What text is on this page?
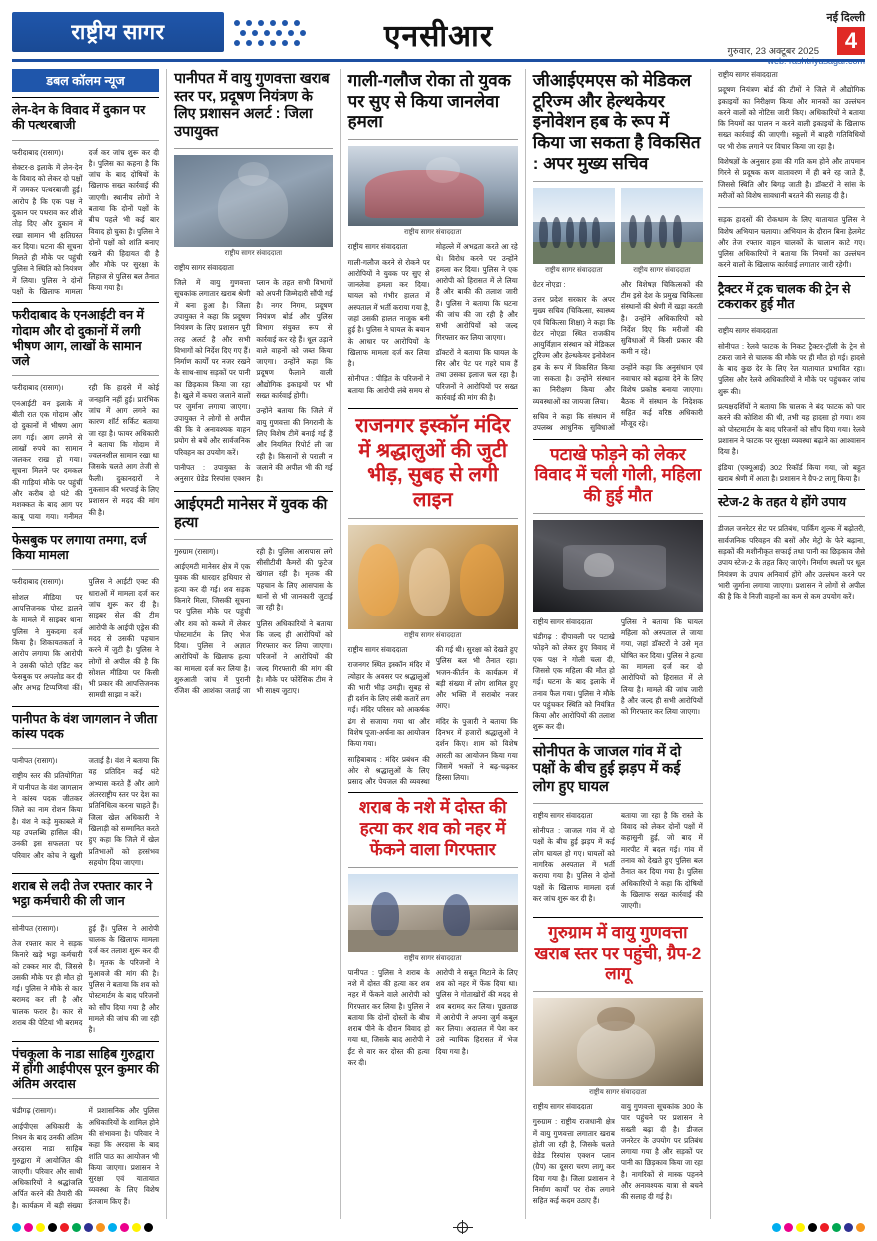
राष्ट्रीय सागर	एनसीआर
नई दिल्ली
4
गुरुवार, 23 अक्टूबर 2025
web: rashtriyasagar.com
डबल कॉलम न्यूज
लेन-देन के विवाद में दुकान पर की पत्थरबाजी

फरीदाबाद (रासाग)।

सेक्टर-8 इलाके में लेन-देन के विवाद को लेकर दो पक्षों में जमकर पत्थरबाजी हुई। आरोप है कि एक पक्ष ने दुकान पर पथराव कर शीशे तोड़ दिए और दुकान में रखा सामान भी क्षतिग्रस्त कर दिया। घटना की सूचना मिलते ही मौके पर पहुंची पुलिस ने स्थिति को नियंत्रण में लिया। पुलिस ने दोनों पक्षों के खिलाफ मामला दर्ज कर जांच शुरू कर दी है। पुलिस का कहना है कि जांच के बाद दोषियों के खिलाफ सख्त कार्रवाई की जाएगी। स्थानीय लोगों ने बताया कि दोनों पक्षों के बीच पहले भी कई बार विवाद हो चुका है। पुलिस ने दोनों पक्षों को शांति बनाए रखने की हिदायत दी है और मौके पर सुरक्षा के लिहाज से पुलिस बल तैनात किया गया है।

फरीदाबाद के एनआईटी वन में गोदाम और दो दुकानों में लगी भीषण आग, लाखों के सामान जले

फरीदाबाद (रासाग)।

एनआईटी वन इलाके में बीती रात एक गोदाम और दो दुकानों में भीषण आग लग गई। आग लगने से लाखों रुपये का सामान जलकर राख हो गया। सूचना मिलने पर दमकल की गाड़ियां मौके पर पहुंचीं और करीब दो घंटे की मशक्कत के बाद आग पर काबू पाया गया। गनीमत रही कि हादसे में कोई जनहानि नहीं हुई। प्रारंभिक जांच में आग लगने का कारण शॉर्ट सर्किट बताया जा रहा है। फायर अधिकारी ने बताया कि गोदाम में ज्वलनशील सामान रखा था जिसके चलते आग तेजी से फैली। दुकानदारों ने नुकसान की भरपाई के लिए प्रशासन से मदद की मांग की है।

फेसबुक पर लगाया तमगा, दर्ज किया मामला

फरीदाबाद (रासाग)।

सोशल मीडिया पर आपत्तिजनक पोस्ट डालने के मामले में साइबर थाना पुलिस ने मुकदमा दर्ज किया है। शिकायतकर्ता ने आरोप लगाया कि आरोपी ने उसकी फोटो एडिट कर फेसबुक पर अपलोड कर दी और अभद्र टिप्पणियां कीं। पुलिस ने आईटी एक्ट की धाराओं में मामला दर्ज कर जांच शुरू कर दी है। साइबर सेल की टीम आरोपी के आईपी एड्रेस की मदद से उसकी पहचान करने में जुटी है। पुलिस ने लोगों से अपील की है कि सोशल मीडिया पर किसी भी प्रकार की आपत्तिजनक सामग्री साझा न करें।

पानीपत के वंश जागलान ने जीता कांस्य पदक

पानीपत (रासाग)।

राष्ट्रीय स्तर की प्रतियोगिता में पानीपत के वंश जागलान ने कांस्य पदक जीतकर जिले का नाम रोशन किया है। वंश ने कड़े मुकाबले में यह उपलब्धि हासिल की। उनकी इस सफलता पर परिवार और कोच ने खुशी जताई है। वंश ने बताया कि वह प्रतिदिन कई घंटे अभ्यास करते हैं और आगे अंतरराष्ट्रीय स्तर पर देश का प्रतिनिधित्व करना चाहते हैं। जिला खेल अधिकारी ने खिलाड़ी को सम्मानित करते हुए कहा कि जिले में खेल प्रतिभाओं को हरसंभव सहयोग दिया जाएगा।

शराब से लदी तेज रफ्तार कार ने भट्ठा कर्मचारी की ली जान

सोनीपत (रासाग)।

तेज रफ्तार कार ने सड़क किनारे खड़े भट्ठा कर्मचारी को टक्कर मार दी, जिससे उसकी मौके पर ही मौत हो गई। पुलिस ने मौके से कार बरामद कर ली है और चालक फरार है। कार से शराब की पेटियां भी बरामद हुई हैं। पुलिस ने आरोपी चालक के खिलाफ मामला दर्ज कर तलाश शुरू कर दी है। मृतक के परिजनों ने मुआवजे की मांग की है। पुलिस ने बताया कि शव को पोस्टमार्टम के बाद परिजनों को सौंप दिया गया है और मामले की जांच की जा रही है।

पंचकूला के नाडा साहिब गुरुद्वारा में होंगी आईपीएस पूरन कुमार की अंतिम अरदास

चंडीगढ़ (रासाग)।

आईपीएस अधिकारी के निधन के बाद उनकी अंतिम अरदास नाडा साहिब गुरुद्वारा में आयोजित की जाएगी। परिवार और साथी अधिकारियों ने श्रद्धांजलि अर्पित करने की तैयारी की है। कार्यक्रम में बड़ी संख्या में प्रशासनिक और पुलिस अधिकारियों के शामिल होने की संभावना है। परिवार ने कहा कि अरदास के बाद शांति पाठ का आयोजन भी किया जाएगा। प्रशासन ने सुरक्षा एवं यातायात व्यवस्था के लिए विशेष इंतजाम किए हैं।

पानीपत में वायु गुणवत्ता खराब स्तर पर, प्रदूषण नियंत्रण के लिए प्रशासन अलर्ट : जिला उपायुक्त
राष्ट्रीय सागर संवाददाता

राष्ट्रीय सागर संवाददाता

जिले में वायु गुणवत्ता सूचकांक लगातार खराब श्रेणी में बना हुआ है। जिला उपायुक्त ने कहा कि प्रदूषण नियंत्रण के लिए प्रशासन पूरी तरह अलर्ट है और सभी विभागों को निर्देश दिए गए हैं। निर्माण कार्यों पर नजर रखने के साथ-साथ सड़कों पर पानी का छिड़काव किया जा रहा है। खुले में कचरा जलाने वालों पर जुर्माना लगाया जाएगा। उपायुक्त ने लोगों से अपील की कि वे अनावश्यक वाहन प्रयोग से बचें और सार्वजनिक परिवहन का उपयोग करें।

पानीपत : उपायुक्त के अनुसार ग्रेडेड रिस्पांस एक्शन प्लान के तहत सभी विभागों को अपनी जिम्मेदारी सौंपी गई है। नगर निगम, प्रदूषण नियंत्रण बोर्ड और पुलिस विभाग संयुक्त रूप से कार्रवाई कर रहे हैं। धूल उड़ाने वाले वाहनों को जब्त किया जाएगा। उन्होंने कहा कि प्रदूषण फैलाने वाली औद्योगिक इकाइयों पर भी सख्त कार्रवाई होगी।

उन्होंने बताया कि जिले में वायु गुणवत्ता की निगरानी के लिए विशेष टीमें बनाई गई हैं और नियमित रिपोर्ट ली जा रही है। किसानों से पराली न जलाने की अपील भी की गई है।

आईएमटी मानेसर में युवक की हत्या

गुरुग्राम (रासाग)।

आईएमटी मानेसर क्षेत्र में एक युवक की धारदार हथियार से हत्या कर दी गई। शव सड़क किनारे मिला, जिसकी सूचना पर पुलिस मौके पर पहुंची और शव को कब्जे में लेकर पोस्टमार्टम के लिए भेज दिया। पुलिस ने अज्ञात आरोपियों के खिलाफ हत्या का मामला दर्ज कर लिया है। शुरुआती जांच में पुरानी रंजिश की आशंका जताई जा रही है। पुलिस आसपास लगे सीसीटीवी कैमरों की फुटेज खंगाल रही है। मृतक की पहचान के लिए आसपास के थानों से भी जानकारी जुटाई जा रही है।

पुलिस अधिकारियों ने बताया कि जल्द ही आरोपियों को गिरफ्तार कर लिया जाएगा। परिजनों ने आरोपियों की जल्द गिरफ्तारी की मांग की है। मौके पर फोरेंसिक टीम ने भी साक्ष्य जुटाए।

गाली-गलौज रोका तो युवक पर सुए से किया जानलेवा हमला
राष्ट्रीय सागर संवाददाता

राष्ट्रीय सागर संवाददाता

गाली-गलौज करने से रोकने पर आरोपियों ने युवक पर सुए से जानलेवा हमला कर दिया। घायल को गंभीर हालत में अस्पताल में भर्ती कराया गया है, जहां उसकी हालत नाजुक बनी हुई है। पुलिस ने घायल के बयान के आधार पर आरोपियों के खिलाफ मामला दर्ज कर लिया है।

सोनीपत : पीड़ित के परिजनों ने बताया कि आरोपी लंबे समय से मोहल्ले में अभद्रता करते आ रहे थे। विरोध करने पर उन्होंने हमला कर दिया। पुलिस ने एक आरोपी को हिरासत में ले लिया है और बाकी की तलाश जारी है। पुलिस ने बताया कि घटना की जांच की जा रही है और सभी आरोपियों को जल्द गिरफ्तार कर लिया जाएगा।

डॉक्टरों ने बताया कि घायल के सिर और पेट पर गहरे घाव हैं तथा उसका इलाज चल रहा है। परिजनों ने आरोपियों पर सख्त कार्रवाई की मांग की है।

राजनगर इस्कॉन मंदिर में श्रद्धालुओं की जुटी भीड़, सुबह से लगी लाइन
राष्ट्रीय सागर संवाददाता

राष्ट्रीय सागर संवाददाता

राजनगर स्थित इस्कॉन मंदिर में त्योहार के अवसर पर श्रद्धालुओं की भारी भीड़ उमड़ी। सुबह से ही दर्शन के लिए लंबी कतारें लग गईं। मंदिर परिसर को आकर्षक ढंग से सजाया गया था और विशेष पूजा-अर्चना का आयोजन किया गया।

साहिबाबाद : मंदिर प्रबंधन की ओर से श्रद्धालुओं के लिए प्रसाद और पेयजल की व्यवस्था की गई थी। सुरक्षा को देखते हुए पुलिस बल भी तैनात रहा। भजन-कीर्तन के कार्यक्रम में बड़ी संख्या में लोग शामिल हुए और भक्ति में सराबोर नजर आए।

मंदिर के पुजारी ने बताया कि दिनभर में हजारों श्रद्धालुओं ने दर्शन किए। शाम को विशेष आरती का आयोजन किया गया जिसमें भक्तों ने बढ़-चढ़कर हिस्सा लिया।

शराब के नशे में दोस्त की हत्या कर शव को नहर में फेंकने वाला गिरफ्तार
राष्ट्रीय सागर संवाददाता

पानीपत : पुलिस ने शराब के नशे में दोस्त की हत्या कर शव नहर में फेंकने वाले आरोपी को गिरफ्तार कर लिया है। पुलिस ने बताया कि दोनों दोस्तों के बीच शराब पीने के दौरान विवाद हो गया था, जिसके बाद आरोपी ने ईंट से वार कर दोस्त की हत्या कर दी।

आरोपी ने सबूत मिटाने के लिए शव को नहर में फेंक दिया था। पुलिस ने गोताखोरों की मदद से शव बरामद कर लिया। पूछताछ में आरोपी ने अपना जुर्म कबूल कर लिया। अदालत में पेश कर उसे न्यायिक हिरासत में भेज दिया गया है।

जीआईएमएस को मेडिकल टूरिज्म और हेल्थकेयर इनोवेशन हब के रूप में किया जा सकता है विकसित : अपर मुख्य सचिव
राष्ट्रीय सागर संवाददाता	राष्ट्रीय सागर संवाददाता

ग्रेटर नोएडा :

उत्तर प्रदेश सरकार के अपर मुख्य सचिव (चिकित्सा, स्वास्थ्य एवं चिकित्सा शिक्षा) ने कहा कि ग्रेटर नोएडा स्थित राजकीय आयुर्विज्ञान संस्थान को मेडिकल टूरिज्म और हेल्थकेयर इनोवेशन हब के रूप में विकसित किया जा सकता है। उन्होंने संस्थान का निरीक्षण किया और व्यवस्थाओं का जायजा लिया।

सचिव ने कहा कि संस्थान में उपलब्ध आधुनिक सुविधाओं और विशेषज्ञ चिकित्सकों की टीम इसे देश के प्रमुख चिकित्सा संस्थानों की श्रेणी में खड़ा करती है। उन्होंने अधिकारियों को निर्देश दिए कि मरीजों की सुविधाओं में किसी प्रकार की कमी न रहे।

उन्होंने कहा कि अनुसंधान एवं नवाचार को बढ़ावा देने के लिए विशेष प्रकोष्ठ बनाया जाएगा। बैठक में संस्थान के निदेशक सहित कई वरिष्ठ अधिकारी मौजूद रहे।

पटाखे फोड़ने को लेकर विवाद में चली गोली, महिला की हुई मौत

राष्ट्रीय सागर संवाददाता

चंडीगढ़ : दीपावली पर पटाखे फोड़ने को लेकर हुए विवाद में एक पक्ष ने गोली चला दी, जिससे एक महिला की मौत हो गई। घटना के बाद इलाके में तनाव फैल गया। पुलिस ने मौके पर पहुंचकर स्थिति को नियंत्रित किया और आरोपियों की तलाश शुरू कर दी।

पुलिस ने बताया कि घायल महिला को अस्पताल ले जाया गया, जहां डॉक्टरों ने उसे मृत घोषित कर दिया। पुलिस ने हत्या का मामला दर्ज कर दो आरोपियों को हिरासत में ले लिया है। मामले की जांच जारी है और जल्द ही सभी आरोपियों को गिरफ्तार कर लिया जाएगा।

सोनीपत के जाजल गांव में दो पक्षों के बीच हुई झड़प में कई लोग हुए घायल

राष्ट्रीय सागर संवाददाता

सोनीपत : जाजल गांव में दो पक्षों के बीच हुई झड़प में कई लोग घायल हो गए। घायलों को नागरिक अस्पताल में भर्ती कराया गया है। पुलिस ने दोनों पक्षों के खिलाफ मामला दर्ज कर जांच शुरू कर दी है।

बताया जा रहा है कि रास्ते के विवाद को लेकर दोनों पक्षों में कहासुनी हुई, जो बाद में मारपीट में बदल गई। गांव में तनाव को देखते हुए पुलिस बल तैनात कर दिया गया है। पुलिस अधिकारियों ने कहा कि दोषियों के खिलाफ सख्त कार्रवाई की जाएगी।

गुरुग्राम में वायु गुणवत्ता खराब स्तर पर पहुंची, ग्रैप-2 लागू
राष्ट्रीय सागर संवाददाता

राष्ट्रीय सागर संवाददाता

गुरुग्राम : राष्ट्रीय राजधानी क्षेत्र में वायु गुणवत्ता लगातार खराब होती जा रही है, जिसके चलते ग्रेडेड रिस्पांस एक्शन प्लान (ग्रैप) का दूसरा चरण लागू कर दिया गया है। जिला प्रशासन ने निर्माण कार्यों पर रोक लगाने सहित कई कदम उठाए हैं।

वायु गुणवत्ता सूचकांक 300 के पार पहुंचने पर प्रशासन ने सख्ती बढ़ा दी है। डीजल जनरेटर के उपयोग पर प्रतिबंध लगाया गया है और सड़कों पर पानी का छिड़काव किया जा रहा है। नागरिकों से मास्क पहनने और अनावश्यक यात्रा से बचने की सलाह दी गई है।

राष्ट्रीय सागर संवाददाता

प्रदूषण नियंत्रण बोर्ड की टीमों ने जिले में औद्योगिक इकाइयों का निरीक्षण किया और मानकों का उल्लंघन करने वालों को नोटिस जारी किए। अधिकारियों ने बताया कि नियमों का पालन न करने वाली इकाइयों के खिलाफ सख्त कार्रवाई की जाएगी। स्कूलों में बाहरी गतिविधियों पर भी रोक लगाने पर विचार किया जा रहा है।

विशेषज्ञों के अनुसार हवा की गति कम होने और तापमान गिरने से प्रदूषक कण वातावरण में ही बने रह जाते हैं, जिससे स्थिति और बिगड़ जाती है। डॉक्टरों ने सांस के मरीजों को विशेष सावधानी बरतने की सलाह दी है।

सड़क हादसों की रोकथाम के लिए यातायात पुलिस ने विशेष अभियान चलाया। अभियान के दौरान बिना हेलमेट और तेज रफ्तार वाहन चालकों के चालान काटे गए। पुलिस अधिकारियों ने बताया कि नियमों का उल्लंघन करने वालों के खिलाफ कार्रवाई लगातार जारी रहेगी।

ट्रैक्टर में ट्रक चालक की ट्रेन से टकराकर हुई मौत

राष्ट्रीय सागर संवाददाता

सोनीपत : रेलवे फाटक के निकट ट्रैक्टर-ट्रॉली के ट्रेन से टकरा जाने से चालक की मौके पर ही मौत हो गई। हादसे के बाद कुछ देर के लिए रेल यातायात प्रभावित रहा। पुलिस और रेलवे अधिकारियों ने मौके पर पहुंचकर जांच शुरू की।

प्रत्यक्षदर्शियों ने बताया कि चालक ने बंद फाटक को पार करने की कोशिश की थी, तभी यह हादसा हो गया। शव को पोस्टमार्टम के बाद परिजनों को सौंप दिया गया। रेलवे प्रशासन ने फाटक पर सुरक्षा व्यवस्था बढ़ाने का आश्वासन दिया है।

इंडिया (एक्यूआई) 302 रिकॉर्ड किया गया, जो बहुत खराब श्रेणी में आता है। प्रशासन ने ग्रैप-2 लागू किया है।

स्टेज-2 के तहत ये होंगे उपाय

डीजल जनरेटर सेट पर प्रतिबंध, पार्किंग शुल्क में बढ़ोतरी, सार्वजनिक परिवहन की बसों और मेट्रो के फेरे बढ़ाना, सड़कों की मशीनीकृत सफाई तथा पानी का छिड़काव जैसे उपाय स्टेज-2 के तहत किए जाएंगे। निर्माण स्थलों पर धूल नियंत्रण के उपाय अनिवार्य होंगे और उल्लंघन करने पर भारी जुर्माना लगाया जाएगा। प्रशासन ने लोगों से अपील की है कि वे निजी वाहनों का कम से कम उपयोग करें।
